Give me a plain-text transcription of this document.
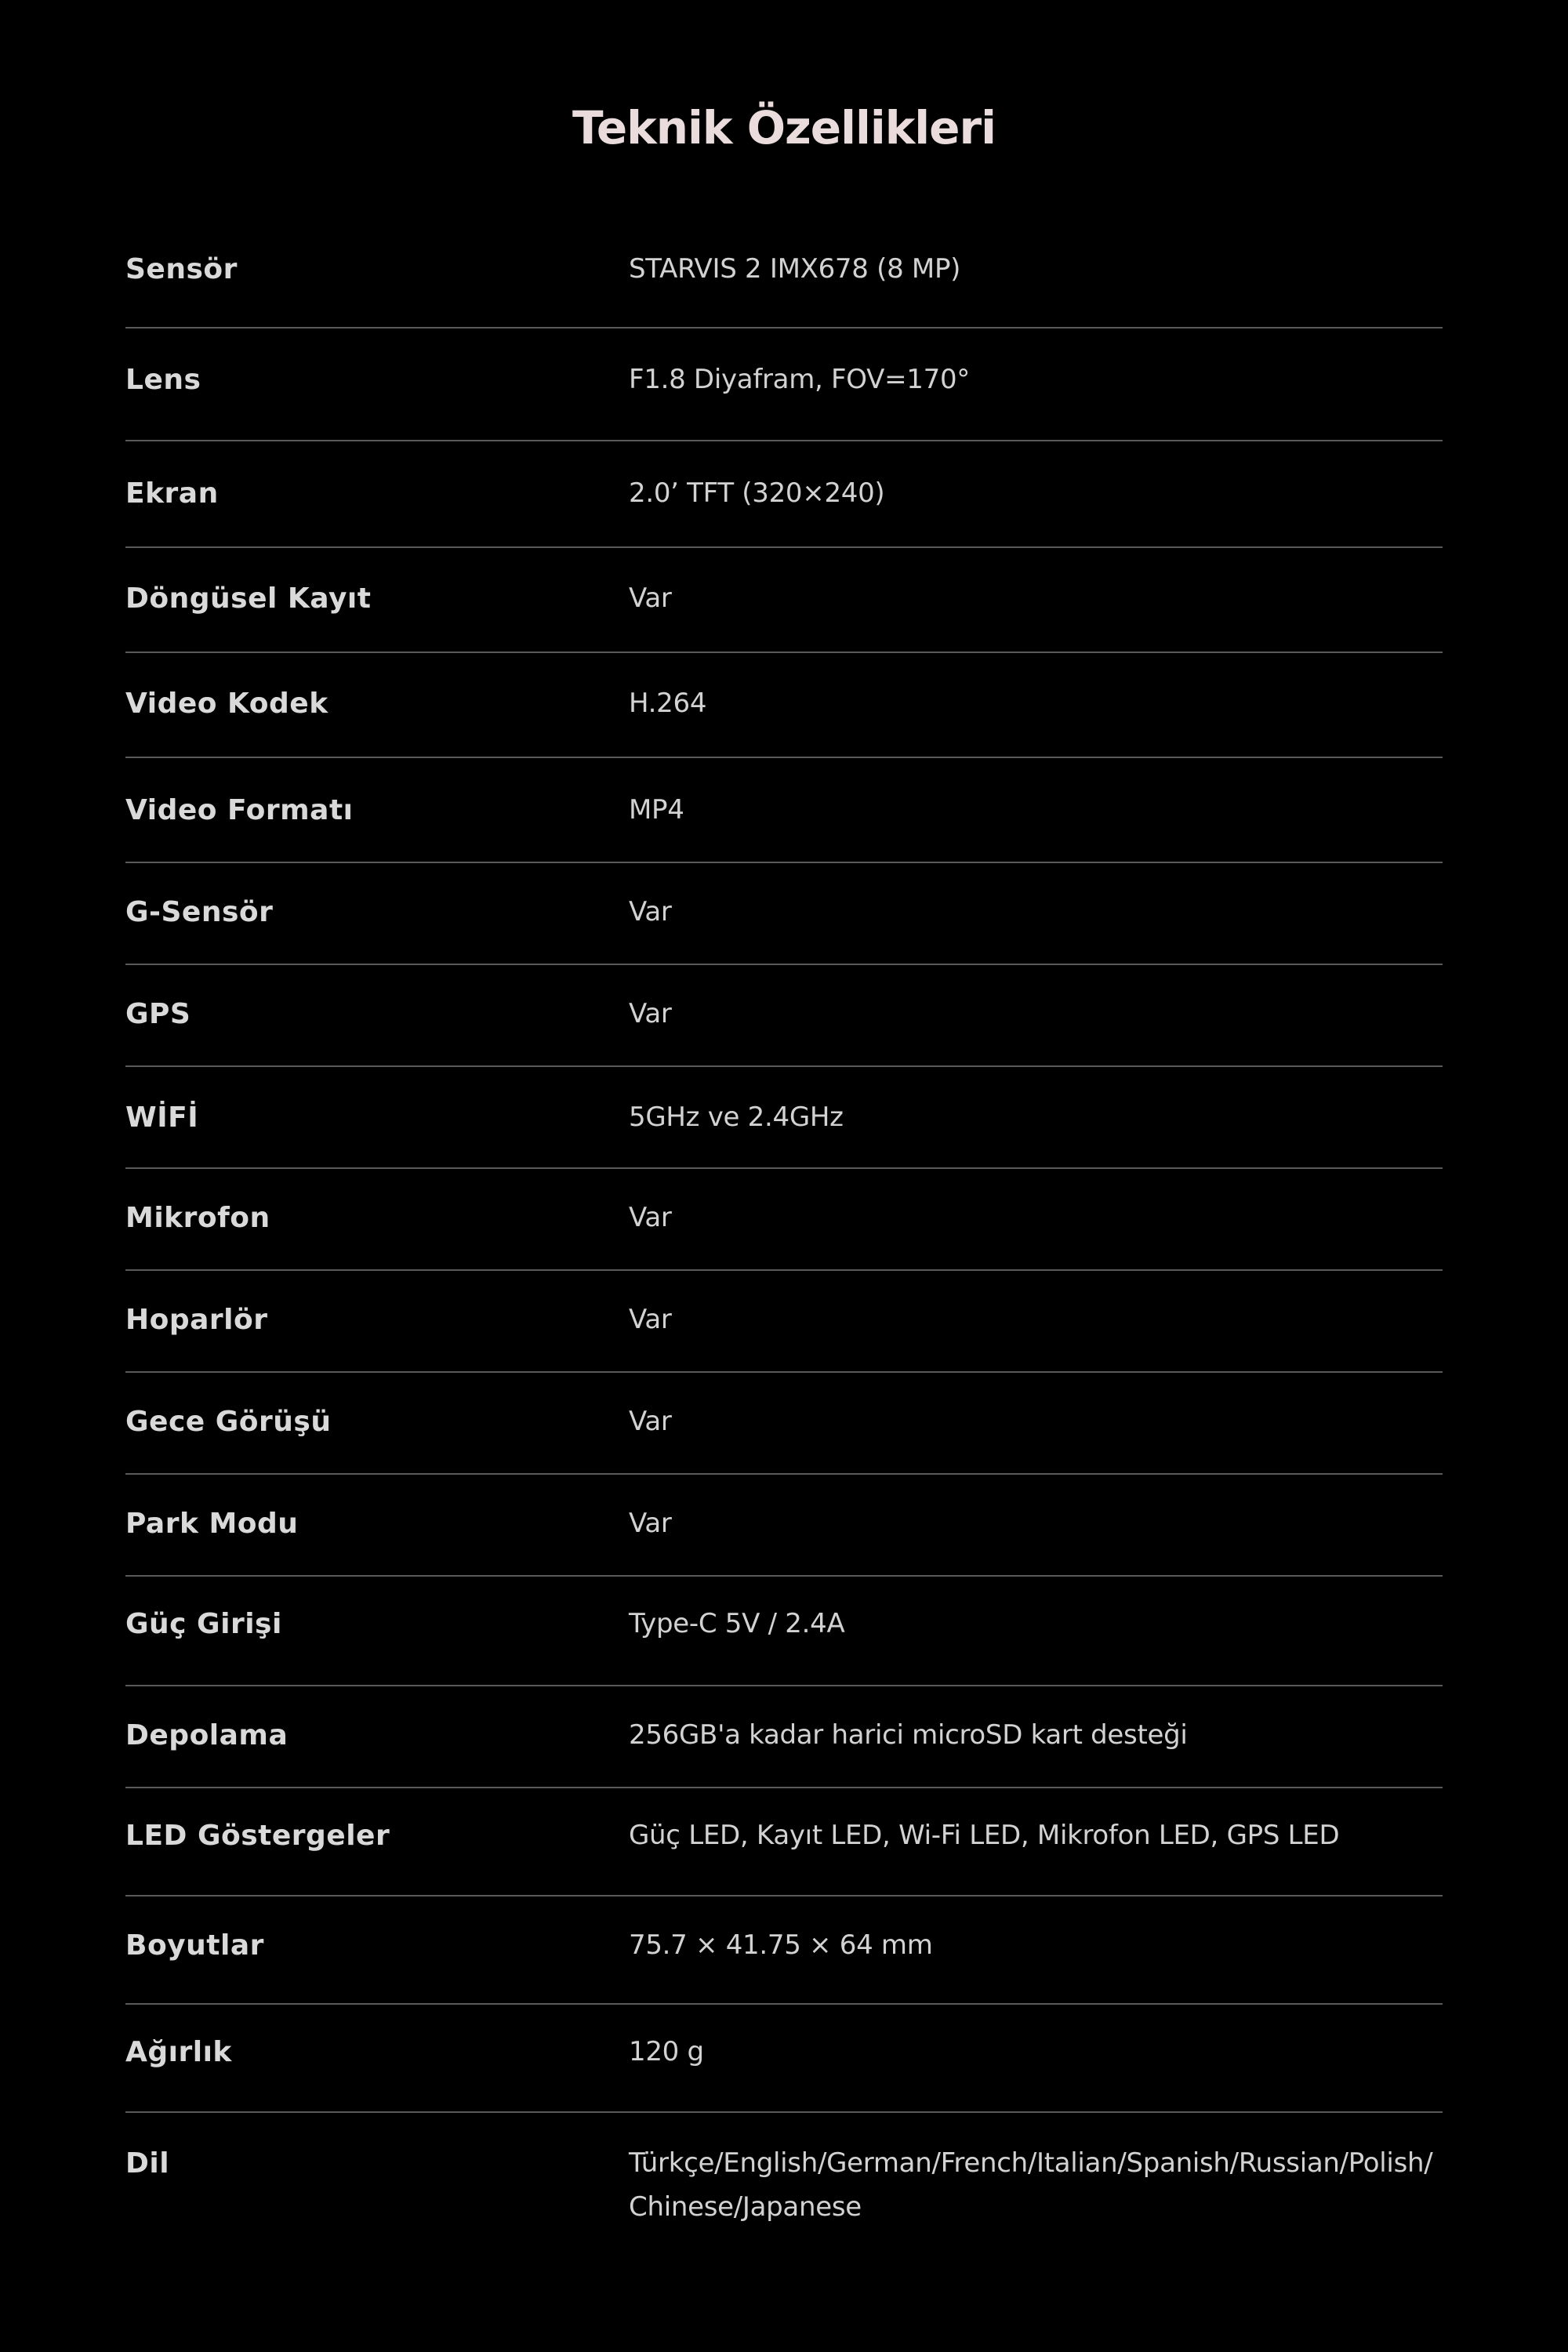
Teknik Özellikleri
Sensör	STARVIS 2 IMX678 (8 MP)
Lens	F1.8 Diyafram, FOV=170°
Ekran	2.0’ TFT (320×240)
Döngüsel Kayıt	Var
Video Kodek	H.264
Video Formatı	MP4
G-Sensör	Var
GPS	Var
WİFİ	5GHz ve 2.4GHz
Mikrofon	Var
Hoparlör	Var
Gece Görüşü	Var
Park Modu	Var
Güç Girişi	Type-C 5V / 2.4A
Depolama	256GB'a kadar harici microSD kart desteği
LED Göstergeler	Güç LED, Kayıt LED, Wi-Fi LED, Mikrofon LED, GPS LED
Boyutlar	75.7 × 41.75 × 64 mm
Ağırlık	120 g
Dil	Türkçe/English/German/French/Italian/Spanish/Russian/Polish/ Chinese/Japanese
